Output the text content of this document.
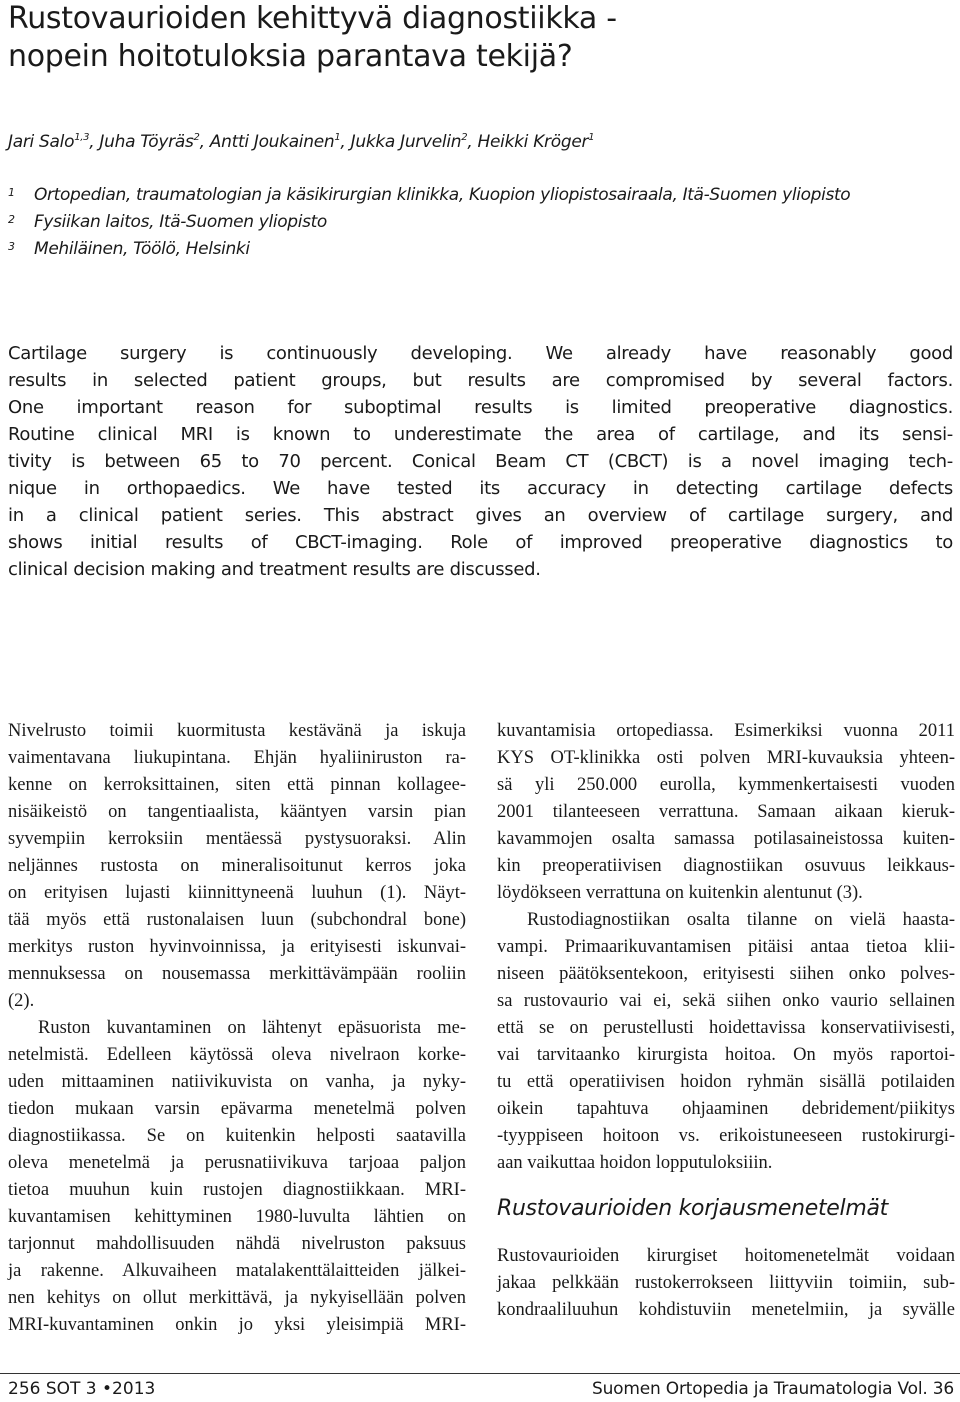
Rustovaurioiden kehittyvä diagnostiikka -
nopein hoitotuloksia parantava tekijä?
Jari Salo$^{1,3}$, Juha Töyräs$^2$, Antti Joukainen$^1$, Jukka Jurvelin$^2$, Heikki Kröger$^1$
1 Ortopedian, traumatologian ja käsikirurgian klinikka, Kuopion yliopistosairaala, Itä-Suomen yliopisto
2 Fysiikan laitos, Itä-Suomen yliopisto
3 Mehiläinen, Töölö, Helsinki
Cartilage surgery is continuously developing. We already have reasonably good
results in selected patient groups, but results are compromised by several factors.
One important reason for suboptimal results is limited preoperative diagnostics.
Routine clinical MRI is known to underestimate the area of cartilage, and its sensi-
tivity is between 65 to 70 percent. Conical Beam CT (CBCT) is a novel imaging tech-
nique in orthopaedics. We have tested its accuracy in detecting cartilage defects
in a clinical patient series. This abstract gives an overview of cartilage surgery, and
shows initial results of CBCT-imaging. Role of improved preoperative diagnostics to
clinical decision making and treatment results are discussed.
Nivelrusto toimii kuormitusta kestävänä ja iskuja
vaimentavana liukupintana. Ehjän hyaliiniruston ra-
kenne on kerroksittainen, siten että pinnan kollagee-
nisäikeistö on tangentiaalista, kääntyen varsin pian
syvempiin kerroksiin mentäessä pystysuoraksi. Alin
neljännes rustosta on mineralisoitunut kerros joka
on erityisen lujasti kiinnittyneenä luuhun (1). Näyt-
tää myös että rustonalaisen luun (subchondral bone)
merkitys ruston hyvinvoinnissa, ja erityisesti iskunvai-
mennuksessa on nousemassa merkittävämpään rooliin
(2).
Ruston kuvantaminen on lähtenyt epäsuorista me-
netelmistä. Edelleen käytössä oleva nivelraon korke-
uden mittaaminen natiivikuvista on vanha, ja nyky-
tiedon mukaan varsin epävarma menetelmä polven
diagnostiikassa. Se on kuitenkin helposti saatavilla
oleva menetelmä ja perusnatiivikuva tarjoaa paljon
tietoa muuhun kuin rustojen diagnostiikkaan. MRI-
kuvantamisen kehittyminen 1980-luvulta lähtien on
tarjonnut mahdollisuuden nähdä nivelruston paksuus
ja rakenne. Alkuvaiheen matalakenttälaitteiden jälkei-
nen kehitys on ollut merkittävä, ja nykyisellään polven
MRI-kuvantaminen onkin jo yksi yleisimpiä MRI-
kuvantamisia ortopediassa. Esimerkiksi vuonna 2011
KYS OT-klinikka osti polven MRI-kuvauksia yhteen-
sä yli 250.000 eurolla, kymmenkertaisesti vuoden
2001 tilanteeseen verrattuna. Samaan aikaan kieruk-
kavammojen osalta samassa potilasaineistossa kuiten-
kin preoperatiivisen diagnostiikan osuvuus leikkaus-
löydökseen verrattuna on kuitenkin alentunut (3).
Rustodiagnostiikan osalta tilanne on vielä haasta-
vampi. Primaarikuvantamisen pitäisi antaa tietoa klii-
niseen päätöksentekoon, erityisesti siihen onko polves-
sa rustovaurio vai ei, sekä siihen onko vaurio sellainen
että se on perustellusti hoidettavissa konservatiivisesti,
vai tarvitaanko kirurgista hoitoa. On myös raportoi-
tu että operatiivisen hoidon ryhmän sisällä potilaiden
oikein tapahtuva ohjaaminen debridement/piikitys
-tyyppiseen hoitoon vs. erikoistuneeseen rustokirurgi-
aan vaikuttaa hoidon lopputuloksiiin.
Rustovaurioiden korjausmenetelmät
Rustovaurioiden kirurgiset hoitomenetelmät voidaan
jakaa pelkkään rustokerrokseen liittyviin toimiin, sub-
kondraaliluuhun kohdistuviin menetelmiin, ja syvälle
256 SOT 3 •2013	Suomen Ortopedia ja Traumatologia Vol. 36
